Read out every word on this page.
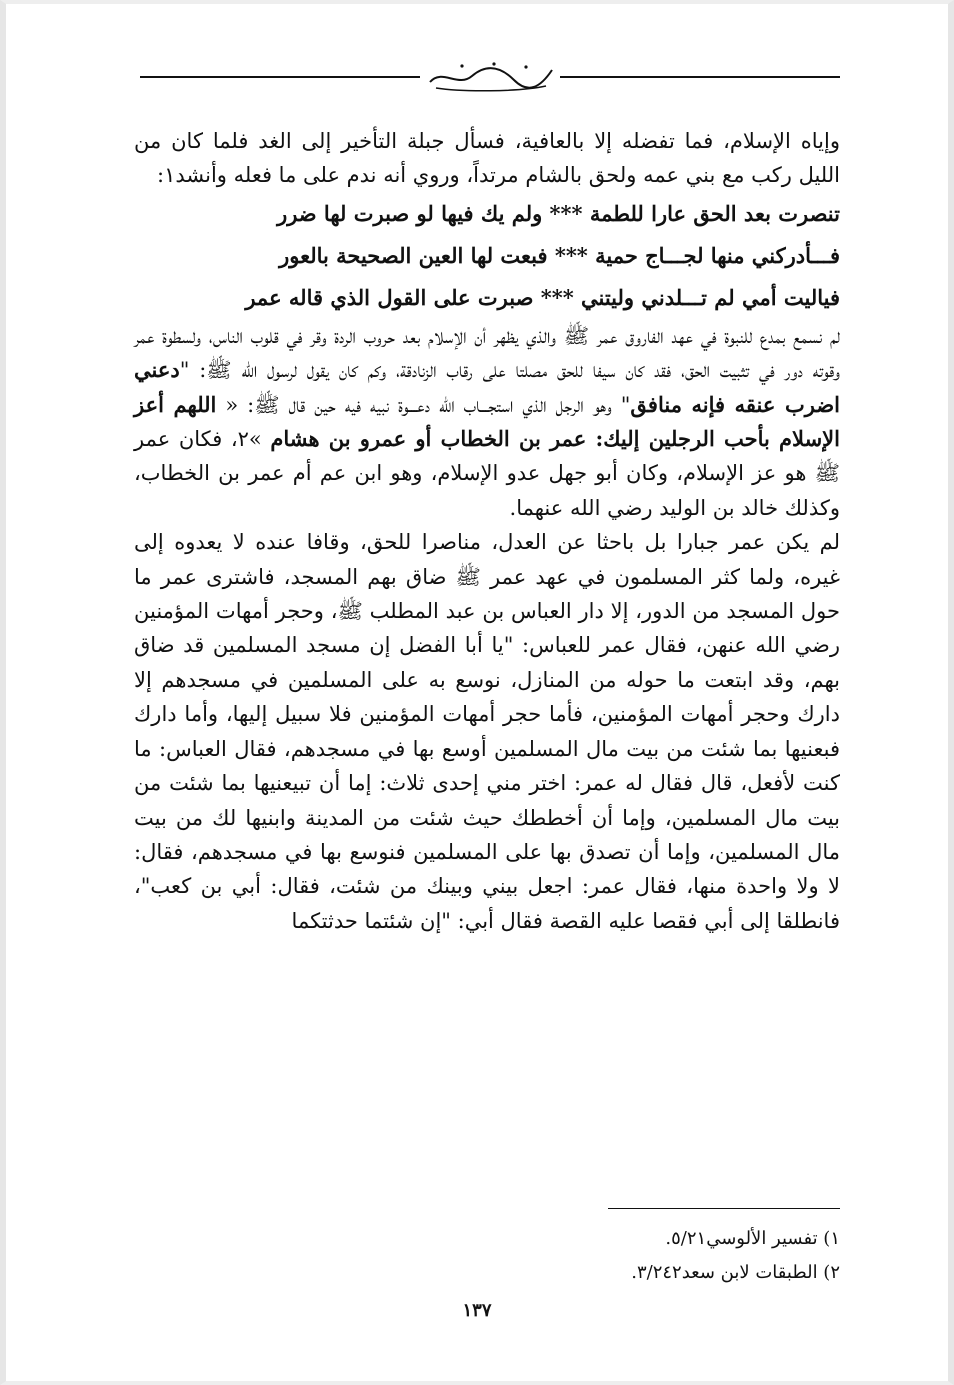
وإياه الإسلام، فما تفضله إلا بالعافية، فسأل جبلة التأخير إلى الغد فلما كان من الليل ركب مع بني عمه ولحق بالشام مرتداً، وروي أنه ندم على ما فعله وأنشد١:

تنصرت بعد الحق عارا للطمة *** ولم يك فيها لو صبرت لها ضرر

فـــأدركني منها لجـــاج حمية *** فبعت لها العين الصحيحة بالعور

فياليت أمي لم تـــلدني وليتني *** صبرت على القول الذي قاله عمر

لم نسمع بمدع للنبوة في عهد الفاروق عمر ﷺ والذي يظهر أن الإسلام بعد حروب الردة وقر في قلوب الناس، ولسطوة عمر وقوته دور في تثبيت الحق، فقد كان سيفا للحق مصلتا على رقاب الزنادقة، وكم كان يقول لرسول الله ﷺ: "دعني اضرب عنقه فإنه منافق" وهو الرجل الذي استجـــاب الله دعـــوة نبيه فيه حين قال ﷺ: « اللهم أعز الإسلام بأحب الرجلين إليك: عمر بن الخطاب أو عمرو بن هشام »٢، فكان عمر ﷺ هو عز الإسلام، وكان أبو جهل عدو الإسلام، وهو ابن عم أم عمر بن الخطاب، وكذلك خالد بن الوليد رضي الله عنهما.

لم يكن عمر جبارا بل باحثا عن العدل، مناصرا للحق، وقافا عنده لا يعدوه إلى غيره، ولما كثر المسلمون في عهد عمر ﷺ ضاق بهم المسجد، فاشترى عمر ما حول المسجد من الدور، إلا دار العباس بن عبد المطلب ﷺ، وحجر أمهات المؤمنين رضي الله عنهن، فقال عمر للعباس: "يا أبا الفضل إن مسجد المسلمين قد ضاق بهم، وقد ابتعت ما حوله من المنازل، نوسع به على المسلمين في مسجدهم إلا دارك وحجر أمهات المؤمنين، فأما حجر أمهات المؤمنين فلا سبيل إليها، وأما دارك فبعنيها بما شئت من بيت مال المسلمين أوسع بها في مسجدهم، فقال العباس: ما كنت لأفعل، قال فقال له عمر: اختر مني إحدى ثلاث: إما أن تبيعنيها بما شئت من بيت مال المسلمين، وإما أن أخططك حيث شئت من المدينة وابنيها لك من بيت مال المسلمين، وإما أن تصدق بها على المسلمين فنوسع بها في مسجدهم، فقال: لا ولا واحدة منها، فقال عمر: اجعل بيني وبينك من شئت، فقال: أبي بن كعب"، فانطلقا إلى أبي فقصا عليه القصة فقال أبي: "إن شئتما حدثتكما

١) تفسير الألوسي٥/٢١.

٢) الطبقات لابن سعد٣/٢٤٢.

١٣٧
